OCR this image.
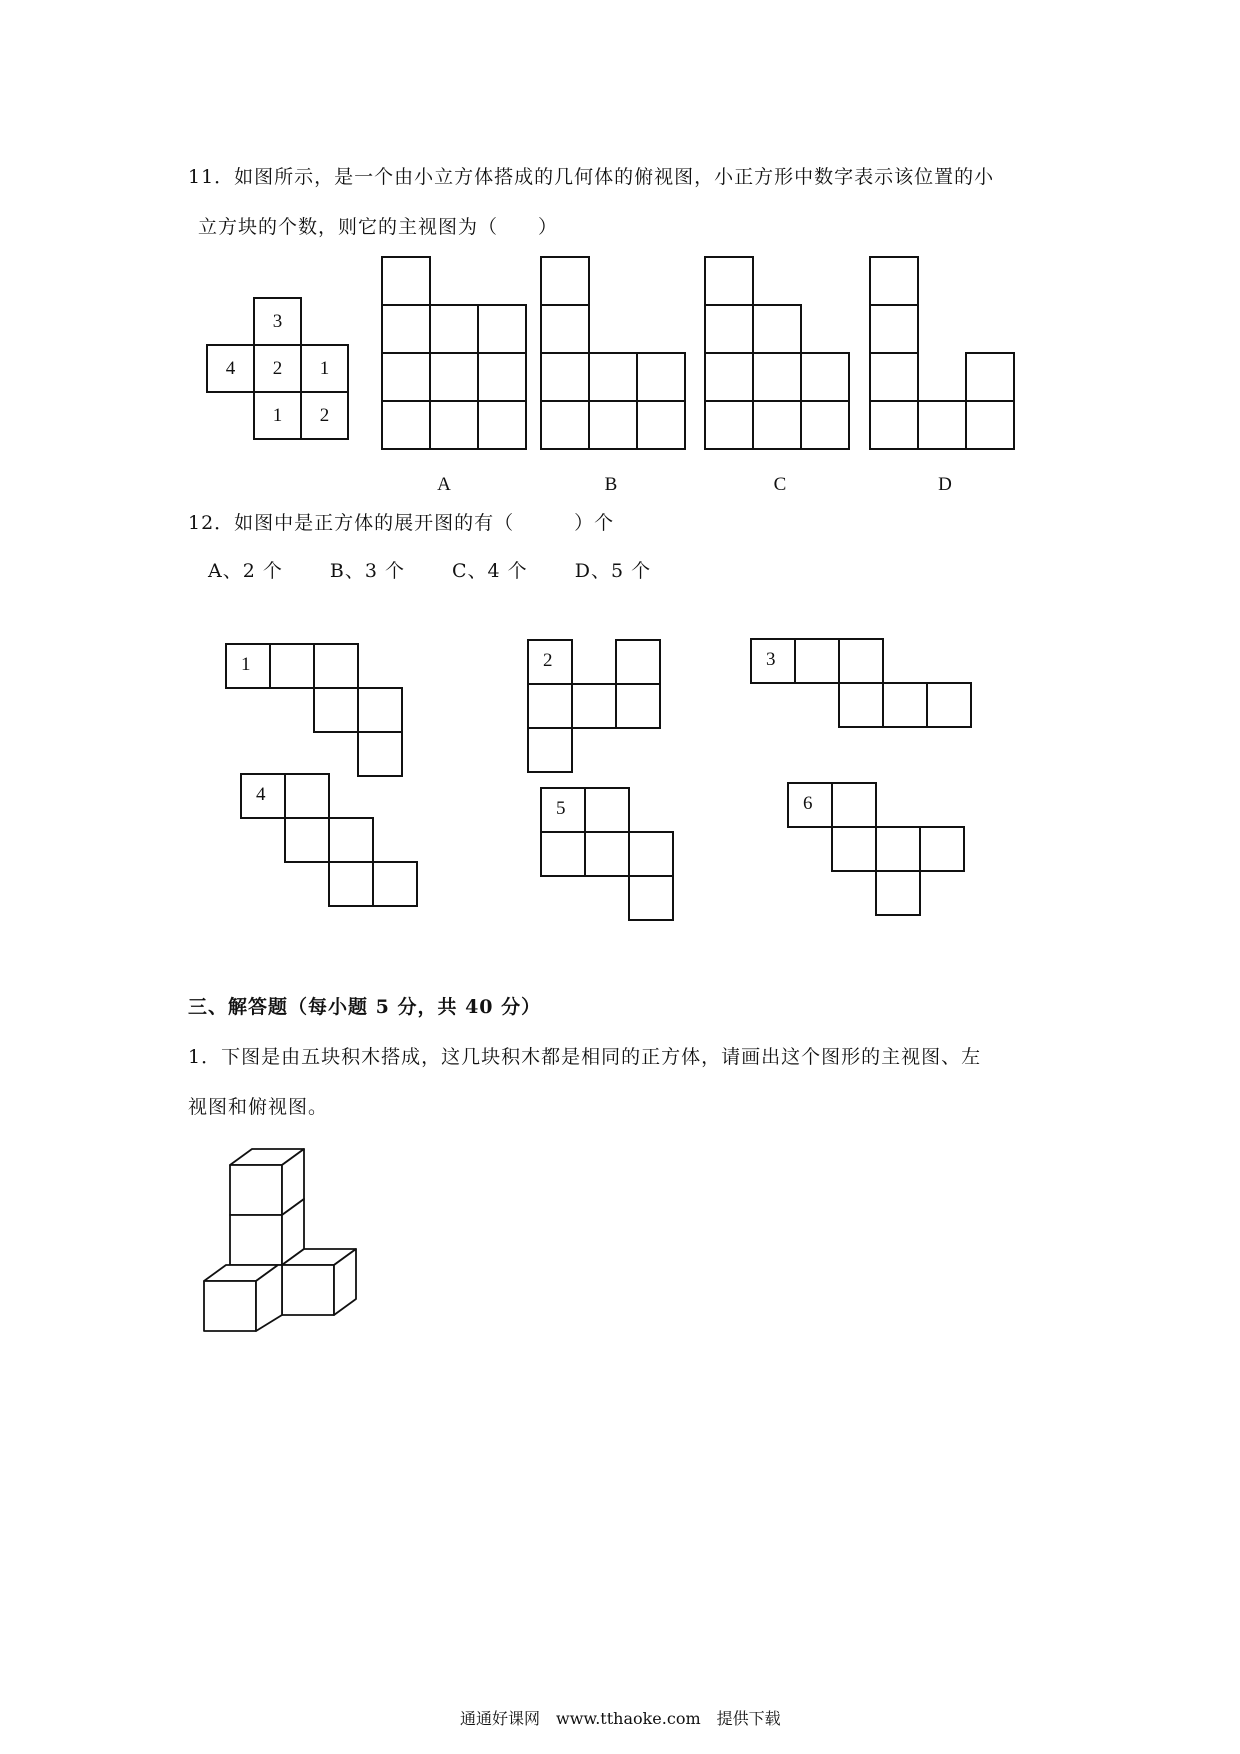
11．如图所示，是一个由小立方体搭成的几何体的俯视图，小正方形中数字表示该位置的小
立方块的个数，则它的主视图为（　　）
3
4	2	1
1	2
A	B	C	D
12．如图中是正方体的展开图的有（　　　）个
A、2 个　　 B、3 个　　 C、4 个　　 D、5 个
1	2	3
4
5	6
三、解答题（每小题 5 分，共 40 分）
1．下图是由五块积木搭成，这几块积木都是相同的正方体，请画出这个图形的主视图、左
视图和俯视图。
通通好课网　www.tthaoke.com　提供下载
